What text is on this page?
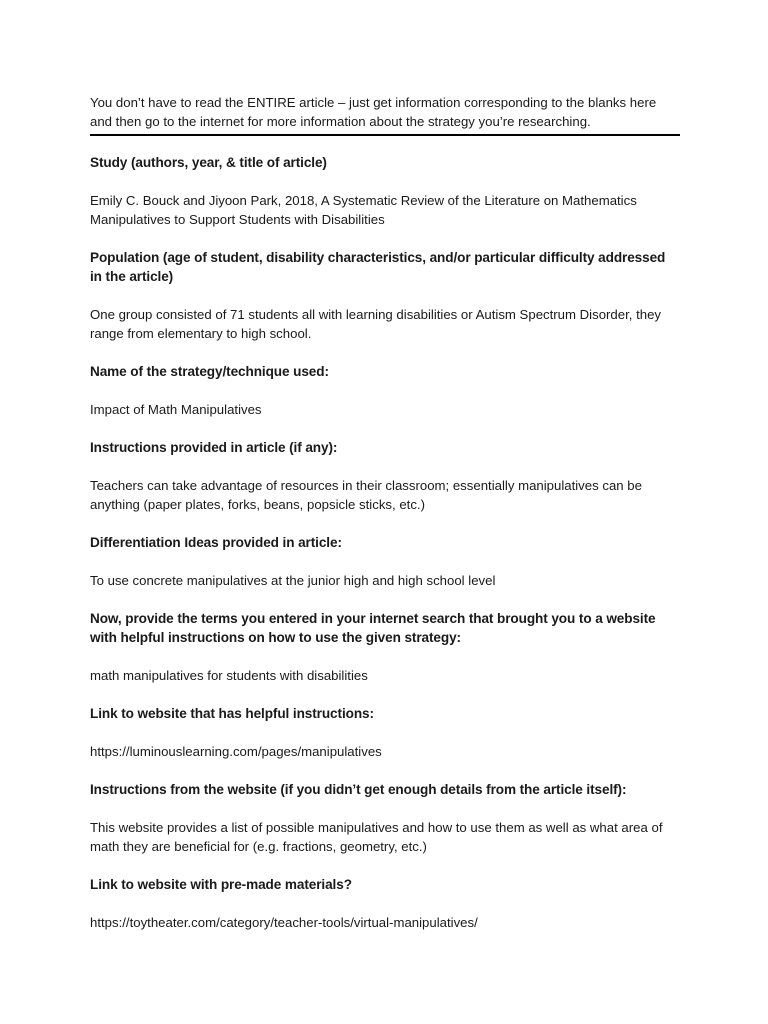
You don’t have to read the ENTIRE article – just get information corresponding to the blanks here and then go to the internet for more information about the strategy you’re researching.

Study (authors, year, & title of article)

Emily C. Bouck and Jiyoon Park, 2018, A Systematic Review of the Literature on Mathematics Manipulatives to Support Students with Disabilities

Population (age of student, disability characteristics, and/or particular difficulty addressed in the article)

One group consisted of 71 students all with learning disabilities or Autism Spectrum Disorder, they range from elementary to high school.

Name of the strategy/technique used:

Impact of Math Manipulatives

Instructions provided in article (if any):

Teachers can take advantage of resources in their classroom; essentially manipulatives can be anything (paper plates, forks, beans, popsicle sticks, etc.)

Differentiation Ideas provided in article:

To use concrete manipulatives at the junior high and high school level

Now, provide the terms you entered in your internet search that brought you to a website with helpful instructions on how to use the given strategy:

math manipulatives for students with disabilities

Link to website that has helpful instructions:

https://luminouslearning.com/pages/manipulatives

Instructions from the website (if you didn’t get enough details from the article itself):

This website provides a list of possible manipulatives and how to use them as well as what area of math they are beneficial for (e.g. fractions, geometry, etc.)

Link to website with pre-made materials?

https://toytheater.com/category/teacher-tools/virtual-manipulatives/
